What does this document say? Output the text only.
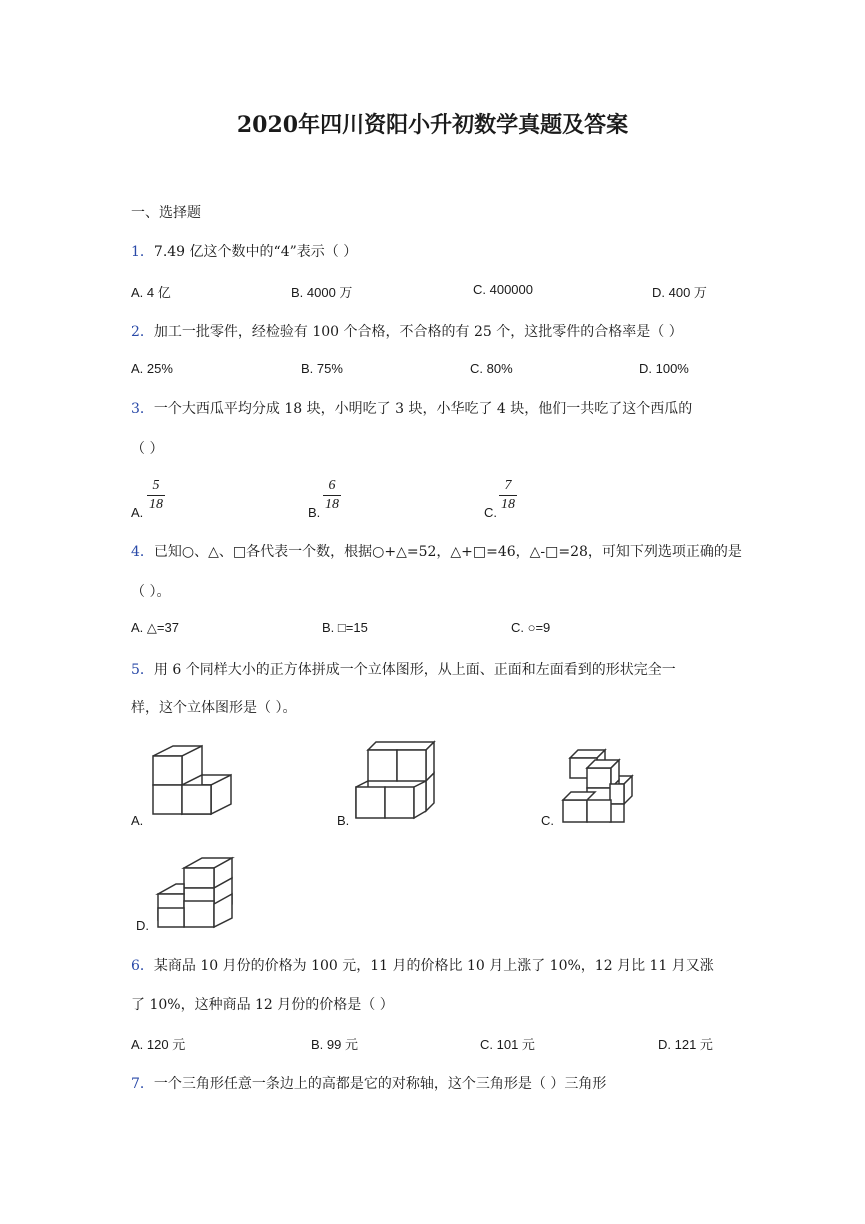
2020年四川资阳小升初数学真题及答案
一、选择题
1．7.49 亿这个数中的“4”表示（ ）
A. 4 亿	B. 4000 万	C. 400000	D. 400 万
2．加工一批零件，经检验有 100 个合格，不合格的有 25 个，这批零件的合格率是（ ）
A. 25%	B. 75%	C. 80%	D. 100%
3．一个大西瓜平均分成 18 块，小明吃了 3 块，小华吃了 4 块，他们一共吃了这个西瓜的
（ ）
A.
5
18
B.
6
18
C.
7
18
4．已知○、△、□各代表一个数，根据○+△=52，△+□=46，△-□=28，可知下列选项正确的是
（ ）。
A. △=37	B. □=15	C. ○=9
5．用 6 个同样大小的正方体拼成一个立体图形，从上面、正面和左面看到的形状完全一
样，这个立体图形是（ ）。
A.	B.	C.
D.
6．某商品 10 月份的价格为 100 元，11 月的价格比 10 月上涨了 10%，12 月比 11 月又涨
了 10%，这种商品 12 月份的价格是（ ）
A. 120 元	B. 99 元	C. 101 元	D. 121 元
7．一个三角形任意一条边上的高都是它的对称轴，这个三角形是（ ）三角形
